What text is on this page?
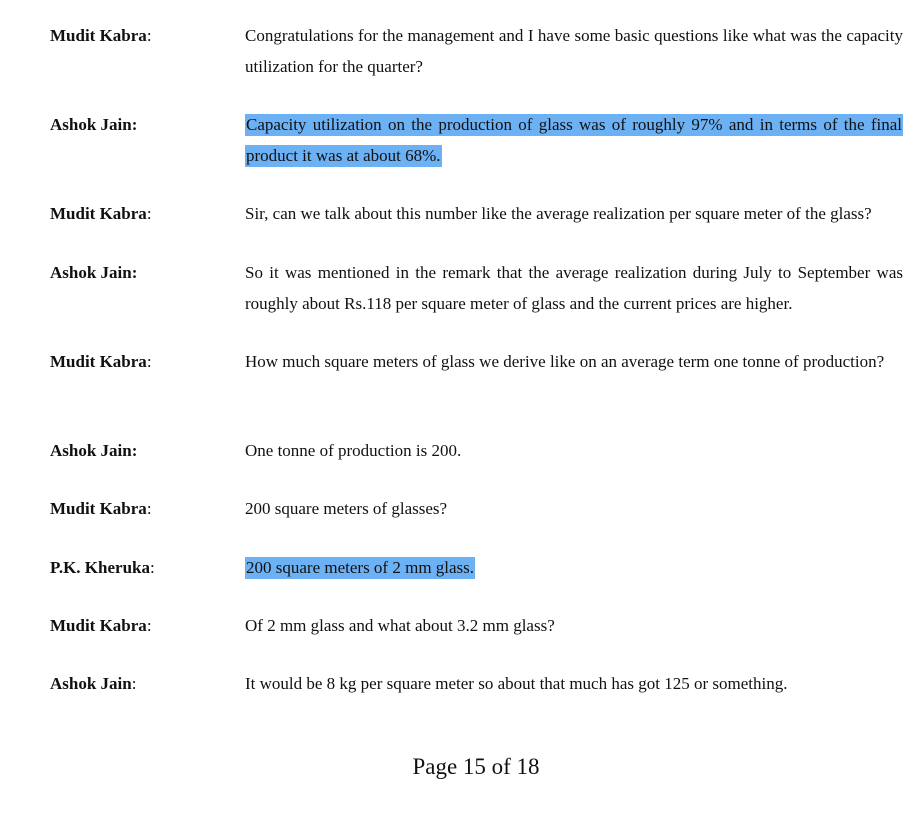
Mudit Kabra:	Congratulations for the management and I have some basic questions like what was the capacity utilization for the quarter?
Ashok Jain:	Capacity utilization on the production of glass was of roughly 97% and in terms of the final product it was at about 68%.
Mudit Kabra:	Sir, can we talk about this number like the average realization per square meter of the glass?
Ashok Jain:	So it was mentioned in the remark that the average realization during July to September was roughly about Rs.118 per square meter of glass and the current prices are higher.
Mudit Kabra:	How much square meters of glass we derive like on an average term one tonne of production?
Ashok Jain:	One tonne of production is 200.
Mudit Kabra:	200 square meters of glasses?
P.K. Kheruka:	200 square meters of 2 mm glass.
Mudit Kabra:	Of 2 mm glass and what about 3.2 mm glass?
Ashok Jain:	It would be 8 kg per square meter so about that much has got 125 or something.
Page 15 of 18
